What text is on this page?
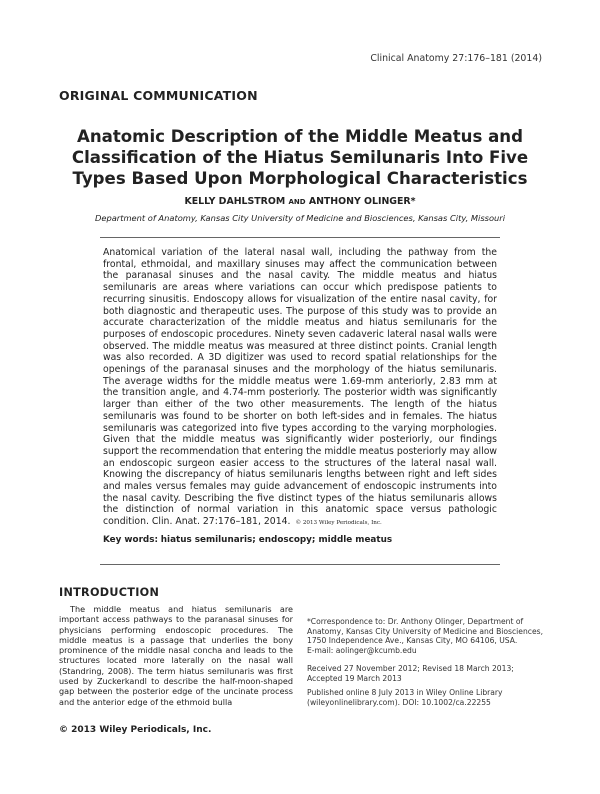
Clinical Anatomy 27:176–181 (2014)
ORIGINAL COMMUNICATION
Anatomic Description of the Middle Meatus and
Classification of the Hiatus Semilunaris Into Five
Types Based Upon Morphological Characteristics
KELLY DAHLSTROM AND ANTHONY OLINGER*
Department of Anatomy, Kansas City University of Medicine and Biosciences, Kansas City, Missouri
Anatomical variation of the lateral nasal wall, including the pathway from the frontal, ethmoidal, and maxillary sinuses may affect the communication between the paranasal sinuses and the nasal cavity. The middle meatus and hiatus semilunaris are areas where variations can occur which predispose patients to recurring sinusitis. Endoscopy allows for visualization of the entire nasal cavity, for both diagnostic and therapeutic uses. The purpose of this study was to provide an accurate characterization of the middle meatus and hiatus semilunaris for the purposes of endoscopic procedures. Ninety seven cadaveric lateral nasal walls were observed. The middle meatus was measured at three distinct points. Cranial length was also recorded. A 3D digitizer was used to record spatial relationships for the openings of the paranasal sinuses and the morphology of the hiatus semilunaris. The average widths for the middle meatus were 1.69-mm anteriorly, 2.83 mm at the transition angle, and 4.74-mm posteriorly. The posterior width was significantly larger than either of the two other measurements. The length of the hiatus semilunaris was found to be shorter on both left-sides and in females. The hiatus semilunaris was categorized into five types according to the varying morphologies. Given that the middle meatus was significantly wider posteriorly, our findings support the recommendation that entering the middle meatus posteriorly may allow an endoscopic surgeon easier access to the structures of the lateral nasal wall. Knowing the discrepancy of hiatus semilunaris lengths between right and left sides and males versus females may guide advancement of endoscopic instruments into the nasal cavity. Describing the five distinct types of the hiatus semilunaris allows the distinction of normal variation in this anatomic space versus pathologic condition. Clin. Anat. 27:176–181, 2014. © 2013 Wiley Periodicals, Inc.
Key words: hiatus semilunaris; endoscopy; middle meatus
INTRODUCTION
The middle meatus and hiatus semilunaris are important access pathways to the paranasal sinuses for physicians performing endoscopic procedures. The middle meatus is a passage that underlies the bony prominence of the middle nasal concha and leads to the structures located more laterally on the nasal wall (Standring, 2008). The term hiatus semilunaris was first used by Zuckerkandl to describe the half-moon-shaped gap between the posterior edge of the uncinate process and the anterior edge of the ethmoid bulla
*Correspondence to: Dr. Anthony Olinger, Department of Anatomy, Kansas City University of Medicine and Biosciences, 1750 Independence Ave., Kansas City, MO 64106, USA.
E-mail: aolinger@kcumb.edu
Received 27 November 2012; Revised 18 March 2013; Accepted 19 March 2013
Published online 8 July 2013 in Wiley Online Library (wileyonlinelibrary.com). DOI: 10.1002/ca.22255
© 2013 Wiley Periodicals, Inc.
